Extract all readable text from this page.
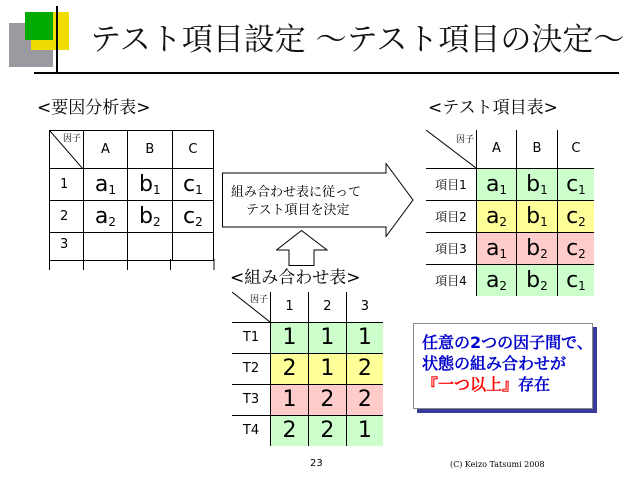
テスト項目設定 ～テスト項目の決定～
<要因分析表>
因子	A	B	C
1	a1	b1	c1
2	a2	b2	c2
3			
組み合わせ表に従って
テスト項目を決定
<組み合わせ表>
因子	1	2	3
T1	1	1	1
T2	2	1	2
T3	1	2	2
T4	2	2	1
<テスト項目表>
因子	A	B	C
項目1	a1	b1	c1
項目2	a2	b1	c2
項目3	a1	b2	c2
項目4	a2	b2	c1
任意の2つの因子間で、
状態の組み合わせが
『一つ以上』存在
23	(C) Keizo Tatsumi 2008
